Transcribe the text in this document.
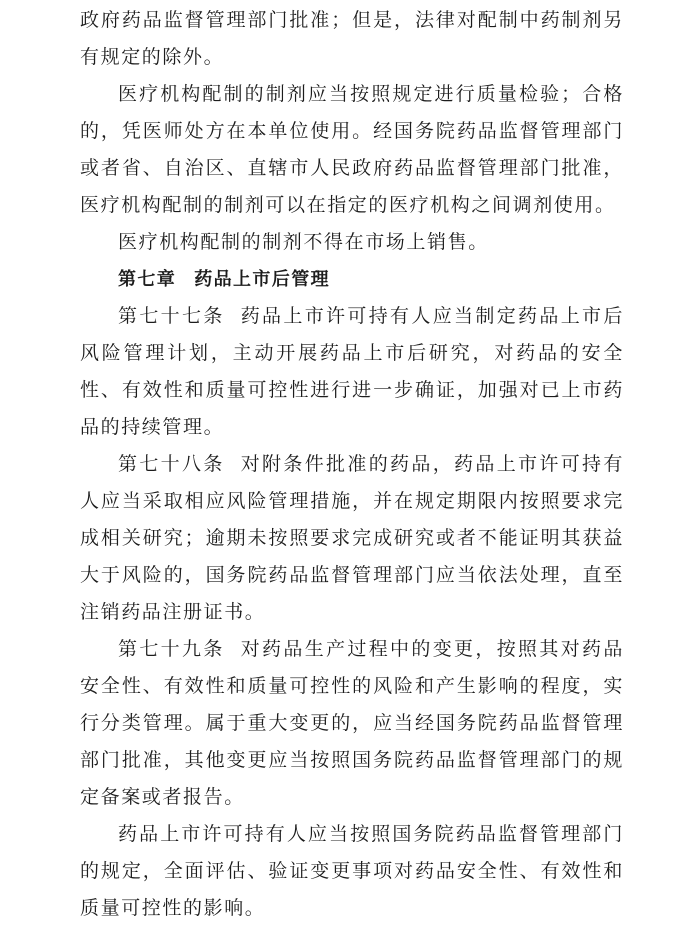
政府药品监督管理部门批准；但是，法律对配制中药制剂另有规定的除外。

医疗机构配制的制剂应当按照规定进行质量检验；合格的，凭医师处方在本单位使用。经国务院药品监督管理部门或者省、自治区、直辖市人民政府药品监督管理部门批准，医疗机构配制的制剂可以在指定的医疗机构之间调剂使用。

医疗机构配制的制剂不得在市场上销售。

第七章 药品上市后管理

第七十七条 药品上市许可持有人应当制定药品上市后风险管理计划，主动开展药品上市后研究，对药品的安全性、有效性和质量可控性进行进一步确证，加强对已上市药品的持续管理。

第七十八条 对附条件批准的药品，药品上市许可持有人应当采取相应风险管理措施，并在规定期限内按照要求完成相关研究；逾期未按照要求完成研究或者不能证明其获益大于风险的，国务院药品监督管理部门应当依法处理，直至注销药品注册证书。

第七十九条 对药品生产过程中的变更，按照其对药品安全性、有效性和质量可控性的风险和产生影响的程度，实行分类管理。属于重大变更的，应当经国务院药品监督管理部门批准，其他变更应当按照国务院药品监督管理部门的规定备案或者报告。

药品上市许可持有人应当按照国务院药品监督管理部门的规定，全面评估、验证变更事项对药品安全性、有效性和质量可控性的影响。
